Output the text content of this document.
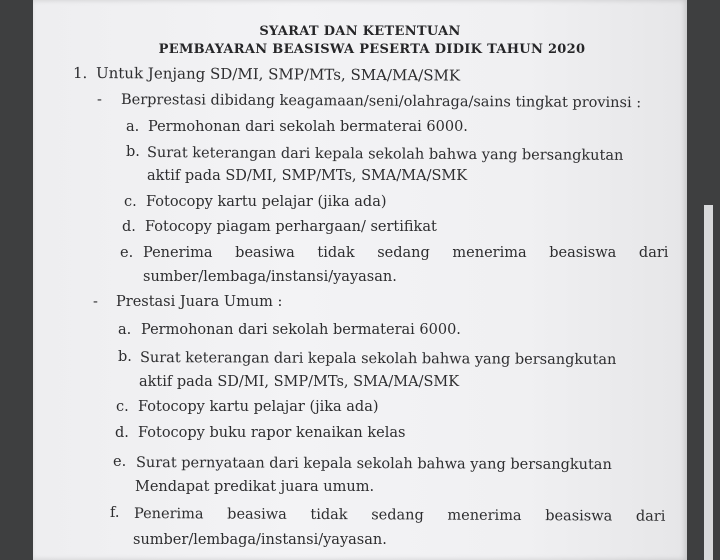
SYARAT DAN KETENTUAN
PEMBAYARAN BEASISWA PESERTA DIDIK TAHUN 2020
1. Untuk Jenjang SD/MI, SMP/MTs, SMA/MA/SMK
- Berprestasi dibidang keagamaan/seni/olahraga/sains tingkat provinsi :
a. Permohonan dari sekolah bermaterai 6000.
b. Surat keterangan dari kepala sekolah bahwa yang bersangkutan
aktif pada SD/MI, SMP/MTs, SMA/MA/SMK
c. Fotocopy kartu pelajar (jika ada)
d. Fotocopy piagam perhargaan/ sertifikat
e. Penerima beasiwa tidak sedang menerima beasiswa dari
sumber/lembaga/instansi/yayasan.
- Prestasi Juara Umum :
a. Permohonan dari sekolah bermaterai 6000.
b. Surat keterangan dari kepala sekolah bahwa yang bersangkutan
aktif pada SD/MI, SMP/MTs, SMA/MA/SMK
c. Fotocopy kartu pelajar (jika ada)
d. Fotocopy buku rapor kenaikan kelas
e. Surat pernyataan dari kepala sekolah bahwa yang bersangkutan
Mendapat predikat juara umum.
f. Penerima beasiwa tidak sedang menerima beasiswa dari
sumber/lembaga/instansi/yayasan.
